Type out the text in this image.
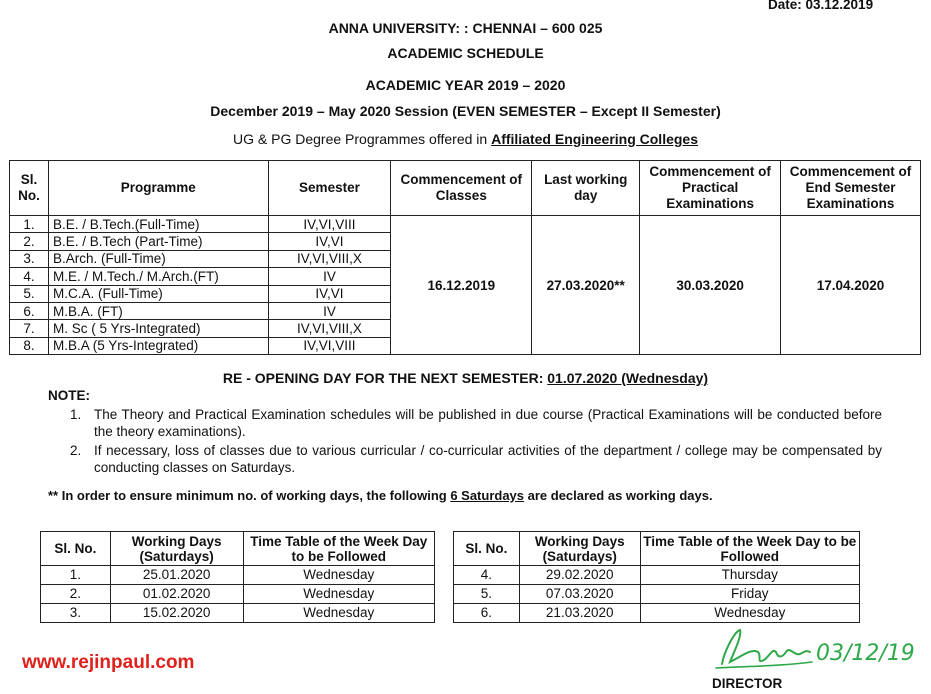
Date: 03.12.2019
ANNA UNIVERSITY: : CHENNAI – 600 025
ACADEMIC SCHEDULE
ACADEMIC YEAR 2019 – 2020
December 2019 – May 2020 Session (EVEN SEMESTER – Except II Semester)
UG & PG Degree Programmes offered in Affiliated Engineering Colleges
Sl. No.	Programme	Semester	Commencement of Classes	Last working day	Commencement of Practical Examinations	Commencement of End Semester Examinations
1.	B.E. / B.Tech.(Full-Time)	IV,VI,VIII	16.12.2019	27.03.2020**	30.03.2020	17.04.2020
2.	B.E. / B.Tech (Part-Time)	IV,VI				
3.	B.Arch. (Full-Time)	IV,VI,VIII,X				
4.	M.E. / M.Tech./ M.Arch.(FT)	IV				
5.	M.C.A. (Full-Time)	IV,VI				
6.	M.B.A. (FT)	IV				
7.	M. Sc ( 5 Yrs-Integrated)	IV,VI,VIII,X				
8.	M.B.A (5 Yrs-Integrated)	IV,VI,VIII				
RE - OPENING DAY FOR THE NEXT SEMESTER: 01.07.2020 (Wednesday)
NOTE:
1. The Theory and Practical Examination schedules will be published in due course (Practical Examinations will be conducted before the theory examinations).
2. If necessary, loss of classes due to various curricular / co-curricular activities of the department / college may be compensated by conducting classes on Saturdays.
** In order to ensure minimum no. of working days, the following 6 Saturdays are declared as working days.
Sl. No.	Working Days (Saturdays)	Time Table of the Week Day to be Followed
1.	25.01.2020	Wednesday
2.	01.02.2020	Wednesday
3.	15.02.2020	Wednesday
Sl. No.	Working Days (Saturdays)	Time Table of the Week Day to be Followed
4.	29.02.2020	Thursday
5.	07.03.2020	Friday
6.	21.03.2020	Wednesday
www.rejinpaul.com	03/12/19
DIRECTOR
